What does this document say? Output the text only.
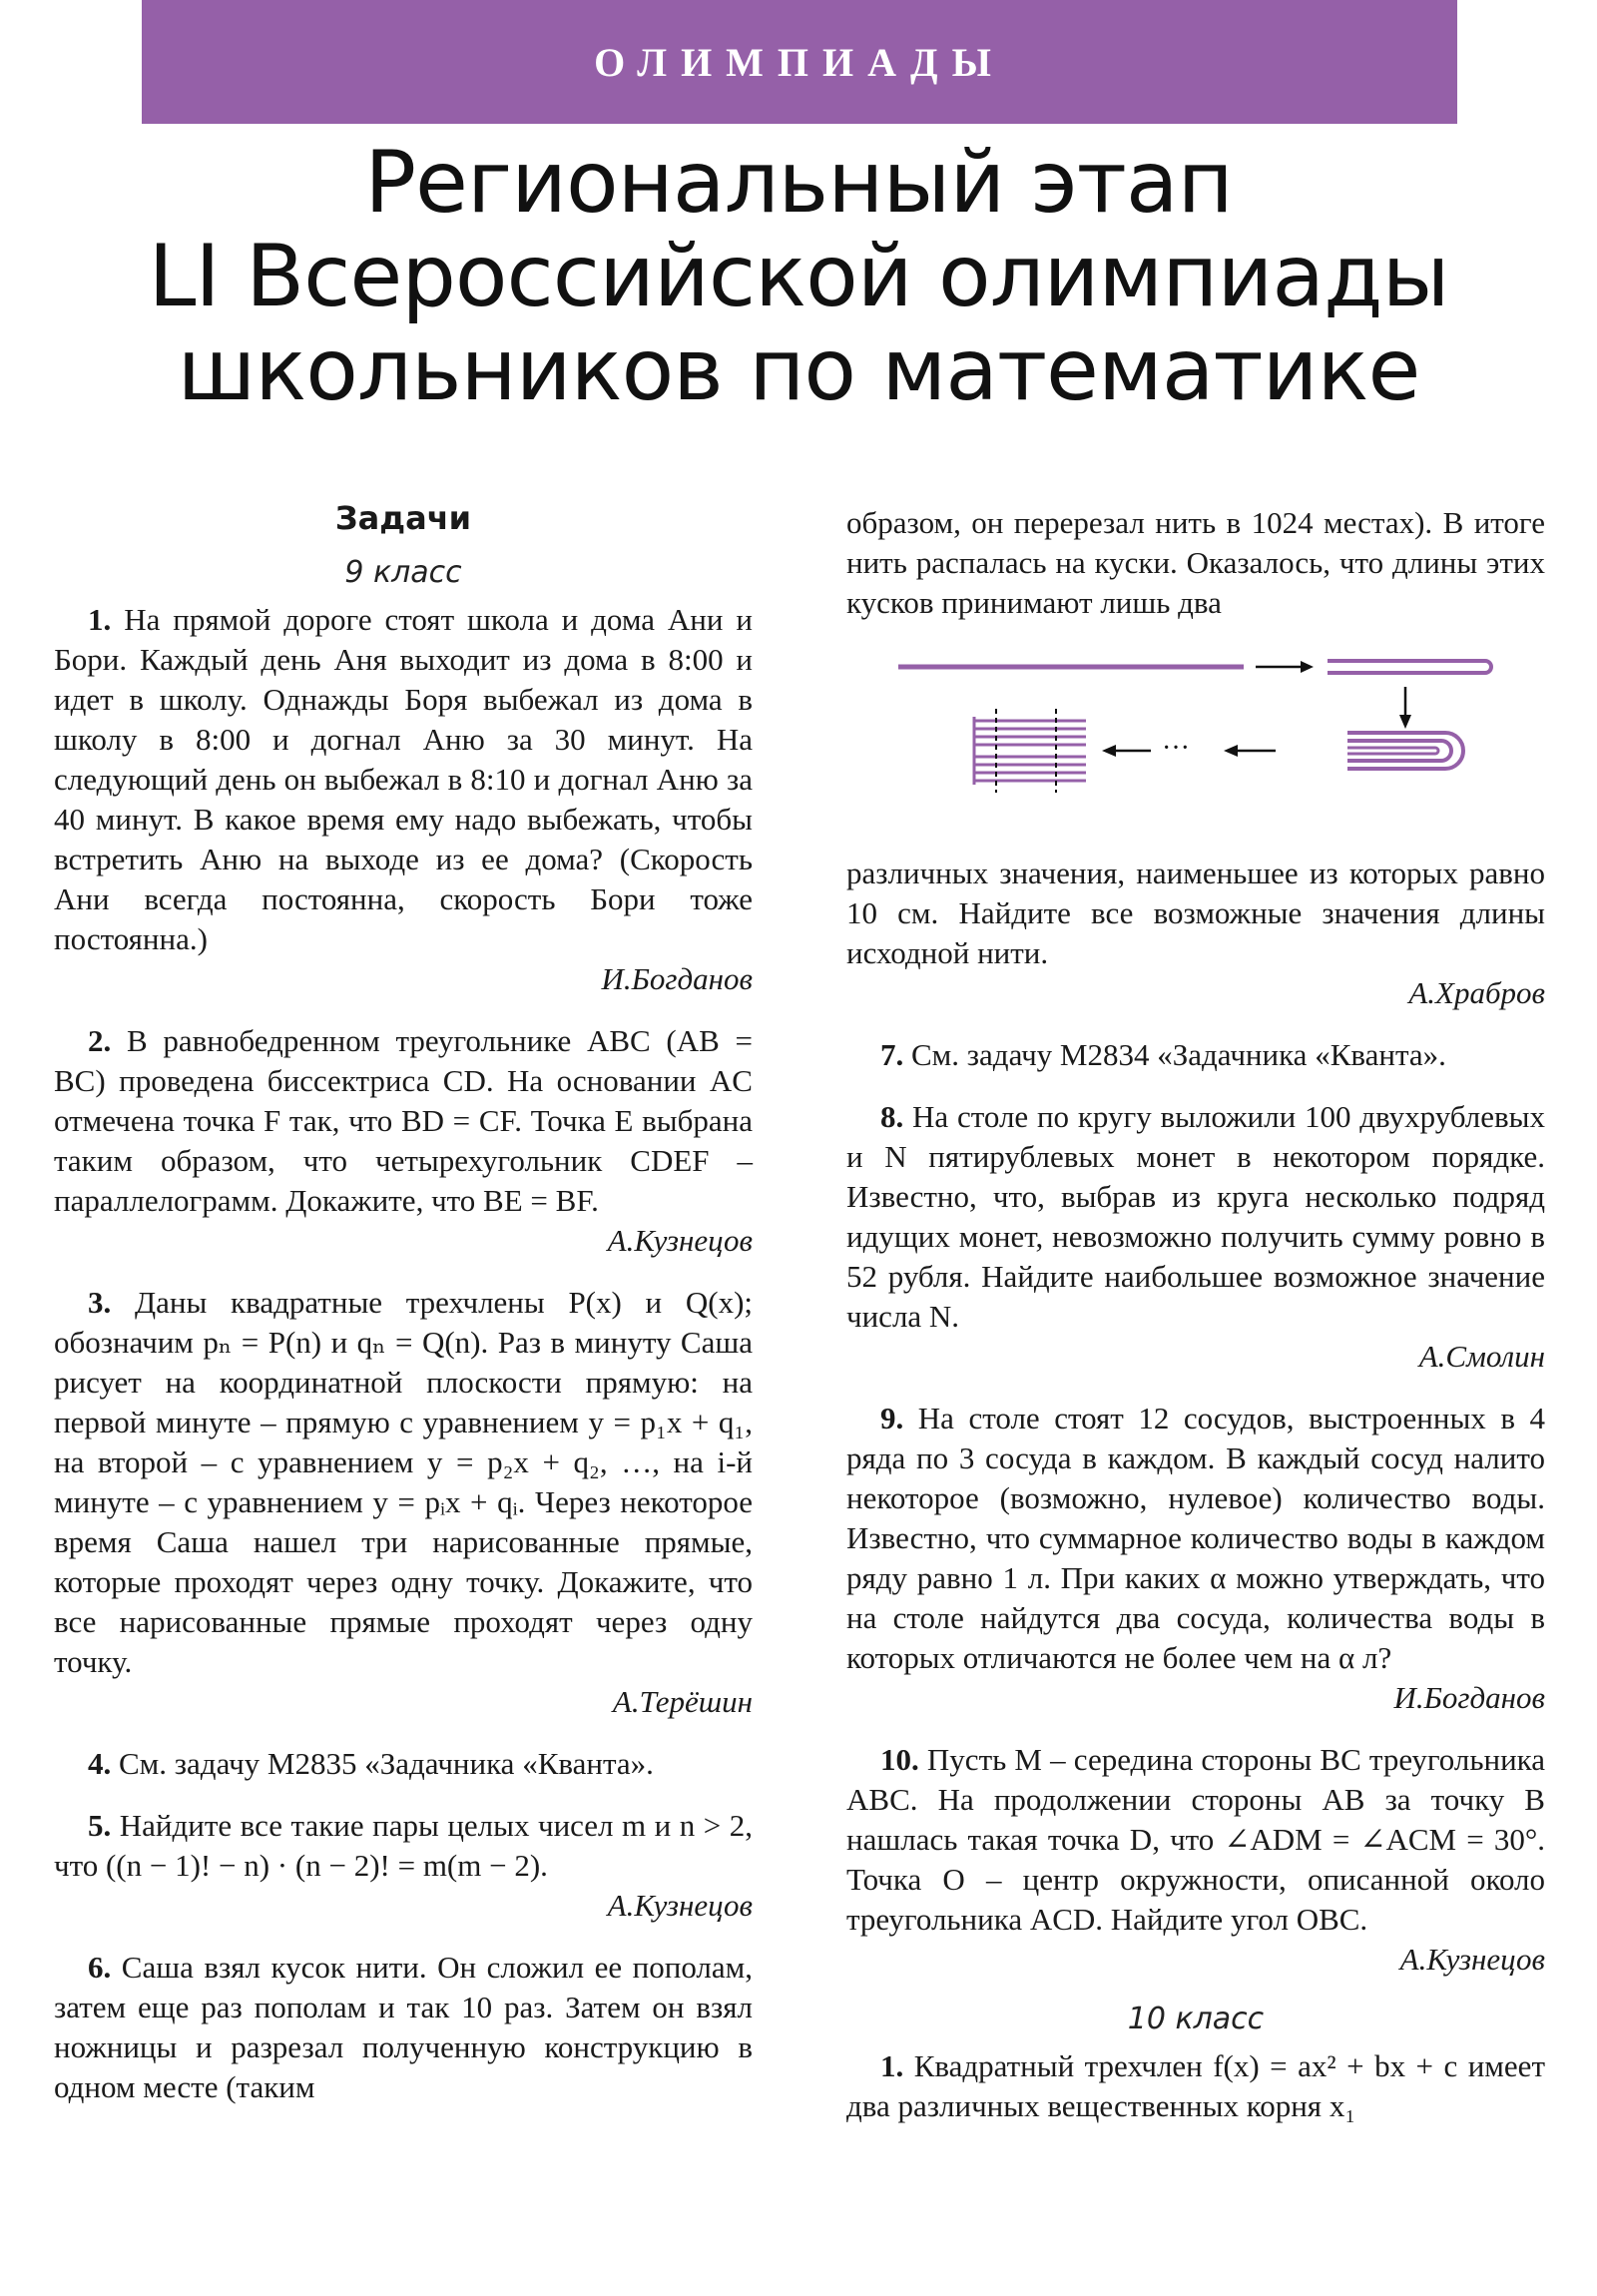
ОЛИМПИАДЫ
Региональный этап
LI Всероссийской олимпиады
школьников по математике
Задачи
9 класс

1. На прямой дороге стоят школа и дома Ани и Бори. Каждый день Аня выходит из дома в 8:00 и идет в школу. Однажды Боря выбежал из дома в школу в 8:00 и догнал Аню за 30 минут. На следующий день он выбежал в 8:10 и догнал Аню за 40 минут. В какое время ему надо выбежать, чтобы встретить Аню на выходе из ее дома? (Скорость Ани всегда постоянна, скорость Бори тоже постоянна.)

И.Богданов

2. В равнобедренном треугольнике ABC (AB = BC) проведена биссектриса CD. На основании AC отмечена точка F так, что BD = CF. Точка E выбрана таким образом, что четырехугольник CDEF – параллелограмм. Докажите, что BE = BF.

А.Кузнецов

3. Даны квадратные трехчлены P(x) и Q(x); обозначим pₙ = P(n) и qₙ = Q(n). Раз в минуту Саша рисует на координатной плоскости прямую: на первой минуте – прямую с уравнением y = p₁x + q₁, на второй – с уравнением y = p₂x + q₂, …, на i-й минуте – с уравнением y = pᵢx + qᵢ. Через некоторое время Саша нашел три нарисованные прямые, которые проходят через одну точку. Докажите, что все нарисованные прямые проходят через одну точку.

А.Терёшин

4. См. задачу М2835 «Задачника «Кванта».

5. Найдите все такие пары целых чисел m и n > 2, что ((n − 1)! − n) · (n − 2)! = m(m − 2).

А.Кузнецов

6. Саша взял кусок нити. Он сложил ее пополам, затем еще раз пополам и так 10 раз. Затем он взял ножницы и разрезал полученную конструкцию в одном месте (таким

образом, он перерезал нить в 1024 местах). В итоге нить распалась на куски. Оказалось, что длины этих кусков принимают лишь два

···

различных значения, наименьшее из которых равно 10 см. Найдите все возможные значения длины исходной нити.

А.Храбров

7. См. задачу М2834 «Задачника «Кванта».

8. На столе по кругу выложили 100 двухрублевых и N пятирублевых монет в некотором порядке. Известно, что, выбрав из круга несколько подряд идущих монет, невозможно получить сумму ровно в 52 рубля. Найдите наибольшее возможное значение числа N.

А.Смолин

9. На столе стоят 12 сосудов, выстроенных в 4 ряда по 3 сосуда в каждом. В каждый сосуд налито некоторое (возможно, нулевое) количество воды. Известно, что суммарное количество воды в каждом ряду равно 1 л. При каких α можно утверждать, что на столе найдутся два сосуда, количества воды в которых отличаются не более чем на α л?

И.Богданов

10. Пусть M – середина стороны BC треугольника ABC. На продолжении стороны AB за точку B нашлась такая точка D, что ∠ADM = ∠ACM = 30°. Точка O – центр окружности, описанной около треугольника ACD. Найдите угол OBC.

А.Кузнецов
10 класс

1. Квадратный трехчлен f(x) = ax² + bx + c имеет два различных вещественных корня x₁
